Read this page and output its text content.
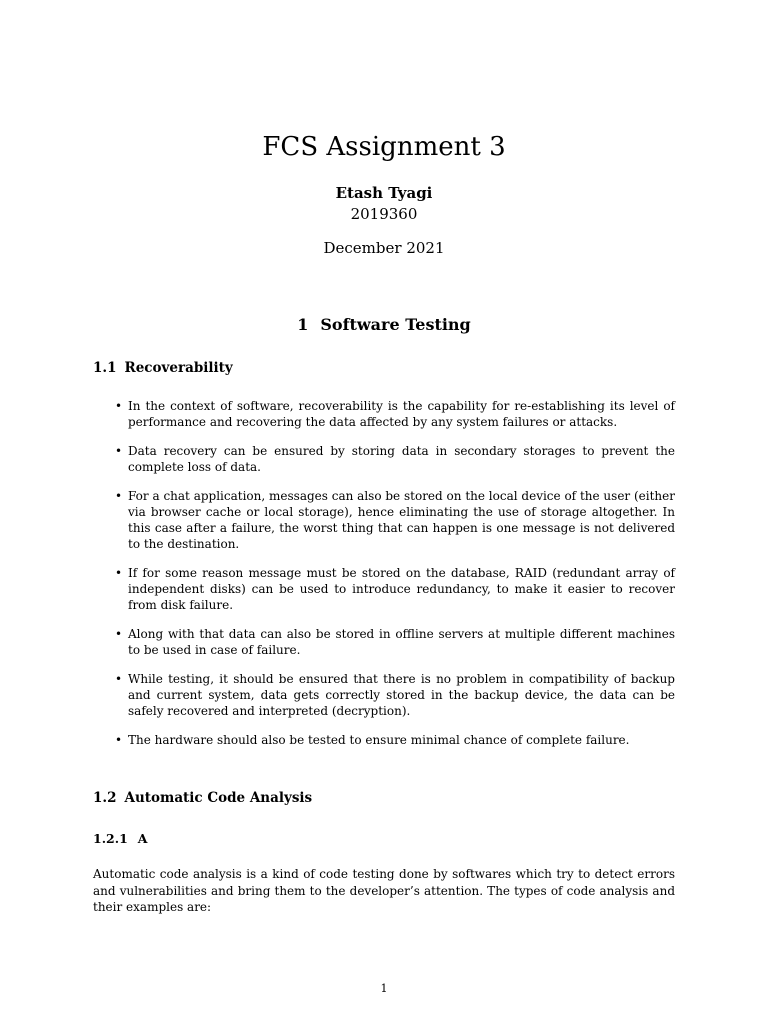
FCS Assignment 3
Etash Tyagi
2019360
December 2021
1 Software Testing
1.1 Recoverability
• In the context of software, recoverability is the capability for re-establishing its level of performance and recovering the data affected by any system failures or attacks.
• Data recovery can be ensured by storing data in secondary storages to prevent the complete loss of data.
• For a chat application, messages can also be stored on the local device of the user (either via browser cache or local storage), hence eliminating the use of storage altogether. In this case after a failure, the worst thing that can happen is one message is not delivered to the destination.
• If for some reason message must be stored on the database, RAID (redundant array of independent disks) can be used to introduce redundancy, to make it easier to recover from disk failure.
• Along with that data can also be stored in offline servers at multiple different machines to be used in case of failure.
• While testing, it should be ensured that there is no problem in compatibility of backup and current system, data gets correctly stored in the backup device, the data can be safely recovered and interpreted (decryption).
• The hardware should also be tested to ensure minimal chance of complete failure.
1.2 Automatic Code Analysis
1.2.1 A

Automatic code analysis is a kind of code testing done by softwares which try to detect errors and vulnerabilities and bring them to the developer’s attention. The types of code analysis and their examples are:

1
